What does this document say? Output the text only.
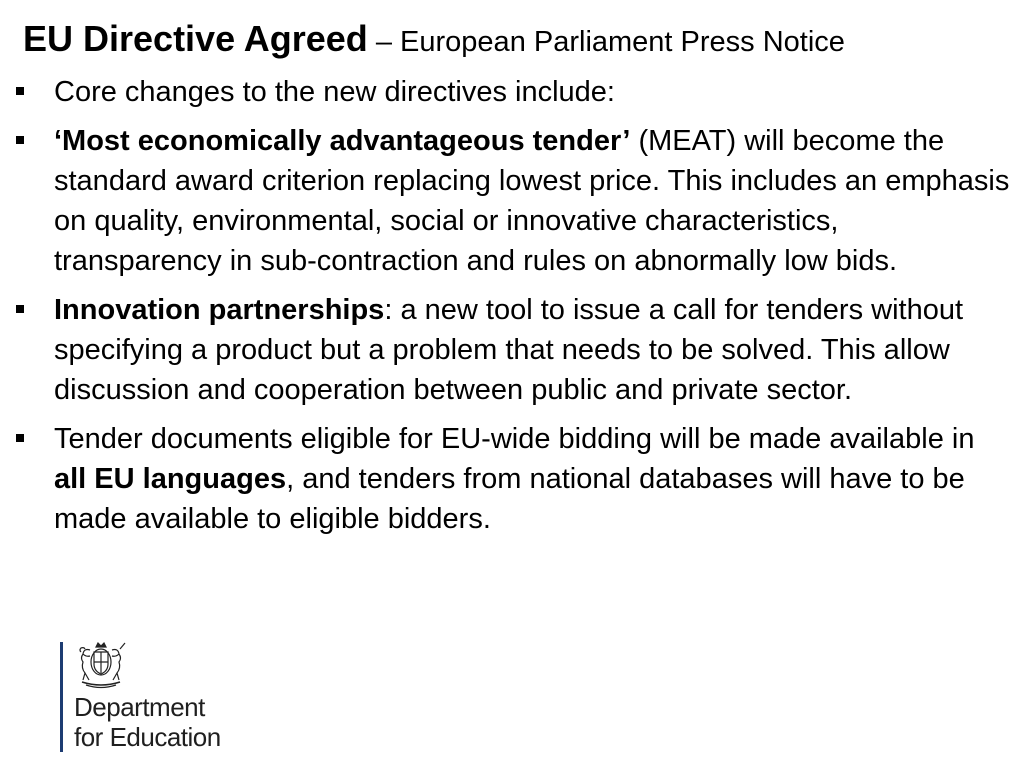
EU Directive Agreed – European Parliament Press Notice
Core changes to the new directives include:
‘Most economically advantageous tender’ (MEAT) will become the standard award criterion replacing lowest price. This includes an emphasis on quality, environmental, social or innovative characteristics, transparency in sub-contraction and rules on abnormally low bids.
Innovation partnerships: a new tool to issue a call for tenders without specifying a product but a problem that needs to be solved. This allow discussion and cooperation between public and private sector.
Tender documents eligible for EU-wide bidding will be made available in all EU languages, and tenders from national databases will have to be made available to eligible bidders.
Department
for Education
